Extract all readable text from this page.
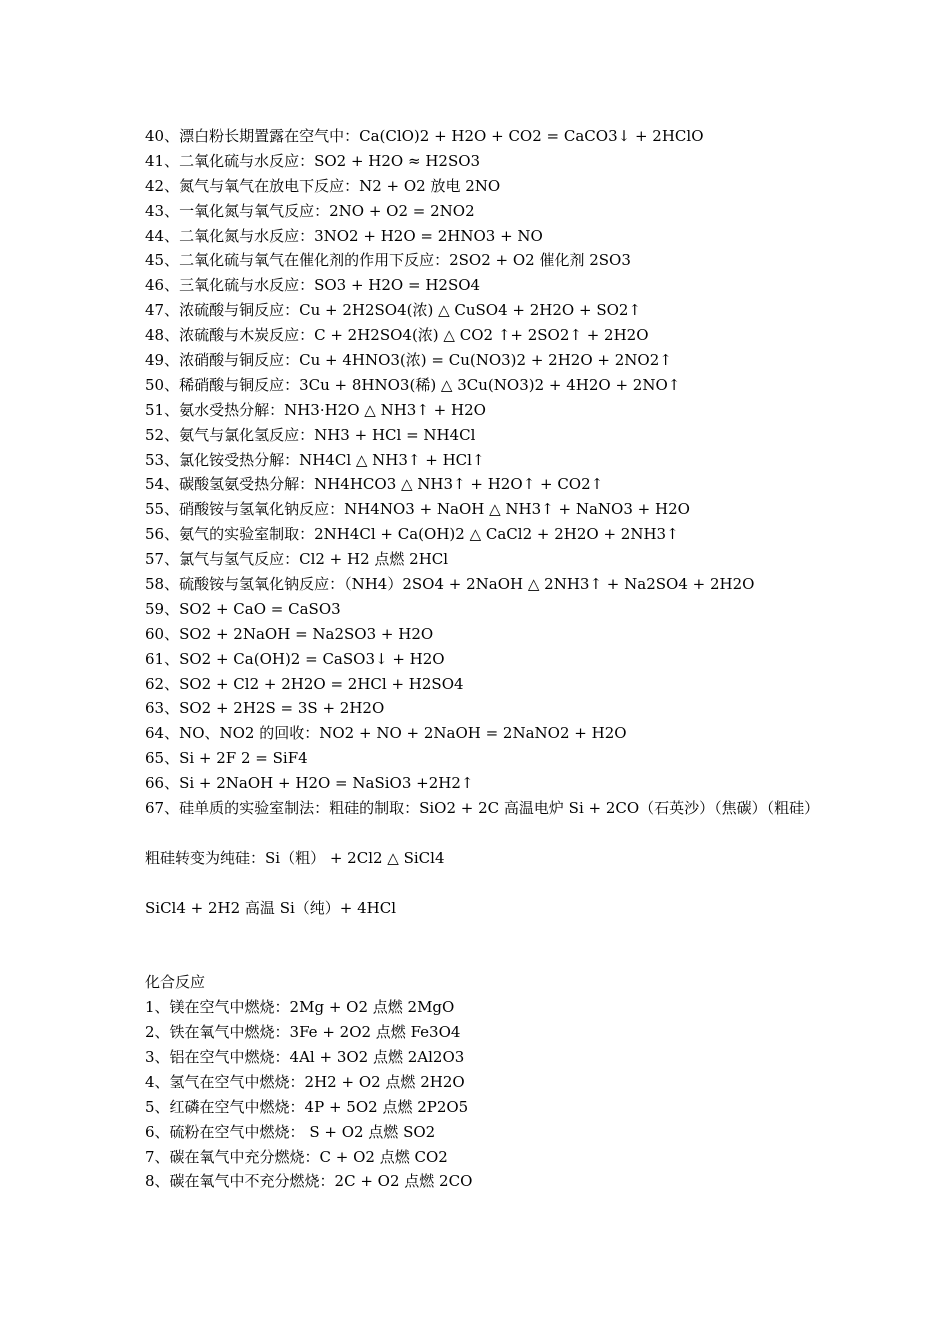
40、漂白粉长期置露在空气中：Ca(ClO)2 + H2O + CO2 = CaCO3↓ + 2HClO

41、二氧化硫与水反应：SO2 + H2O ≈ H2SO3

42、氮气与氧气在放电下反应：N2 + O2 放电 2NO

43、一氧化氮与氧气反应：2NO + O2 = 2NO2

44、二氧化氮与水反应：3NO2 + H2O = 2HNO3 + NO

45、二氧化硫与氧气在催化剂的作用下反应：2SO2 + O2 催化剂 2SO3

46、三氧化硫与水反应：SO3 + H2O = H2SO4

47、浓硫酸与铜反应：Cu + 2H2SO4(浓) △ CuSO4 + 2H2O + SO2↑

48、浓硫酸与木炭反应：C + 2H2SO4(浓) △ CO2 ↑+ 2SO2↑ + 2H2O

49、浓硝酸与铜反应：Cu + 4HNO3(浓) = Cu(NO3)2 + 2H2O + 2NO2↑

50、稀硝酸与铜反应：3Cu + 8HNO3(稀) △ 3Cu(NO3)2 + 4H2O + 2NO↑

51、氨水受热分解：NH3·H2O △ NH3↑ + H2O

52、氨气与氯化氢反应：NH3 + HCl = NH4Cl

53、氯化铵受热分解：NH4Cl △ NH3↑ + HCl↑

54、碳酸氢氨受热分解：NH4HCO3 △ NH3↑ + H2O↑ + CO2↑

55、硝酸铵与氢氧化钠反应：NH4NO3 + NaOH △ NH3↑ + NaNO3 + H2O

56、氨气的实验室制取：2NH4Cl + Ca(OH)2 △ CaCl2 + 2H2O + 2NH3↑

57、氯气与氢气反应：Cl2 + H2 点燃 2HCl

58、硫酸铵与氢氧化钠反应：（NH4）2SO4 + 2NaOH △ 2NH3↑ + Na2SO4 + 2H2O

59、SO2 + CaO = CaSO3

60、SO2 + 2NaOH = Na2SO3 + H2O

61、SO2 + Ca(OH)2 = CaSO3↓ + H2O

62、SO2 + Cl2 + 2H2O = 2HCl + H2SO4

63、SO2 + 2H2S = 3S + 2H2O

64、NO、NO2 的回收：NO2 + NO + 2NaOH = 2NaNO2 + H2O

65、Si + 2F 2 = SiF4

66、Si + 2NaOH + H2O = NaSiO3 +2H2↑

67、硅单质的实验室制法：粗硅的制取：SiO2 + 2C 高温电炉 Si + 2CO（石英沙）（焦碳）（粗硅）

粗硅转变为纯硅：Si（粗） + 2Cl2 △ SiCl4

SiCl4 + 2H2 高温 Si（纯）+ 4HCl

化合反应

1、镁在空气中燃烧：2Mg + O2 点燃 2MgO

2、铁在氧气中燃烧：3Fe + 2O2 点燃 Fe3O4

3、铝在空气中燃烧：4Al + 3O2 点燃 2Al2O3

4、氢气在空气中燃烧：2H2 + O2 点燃 2H2O

5、红磷在空气中燃烧：4P + 5O2 点燃 2P2O5

6、硫粉在空气中燃烧： S + O2 点燃 SO2

7、碳在氧气中充分燃烧：C + O2 点燃 CO2

8、碳在氧气中不充分燃烧：2C + O2 点燃 2CO
